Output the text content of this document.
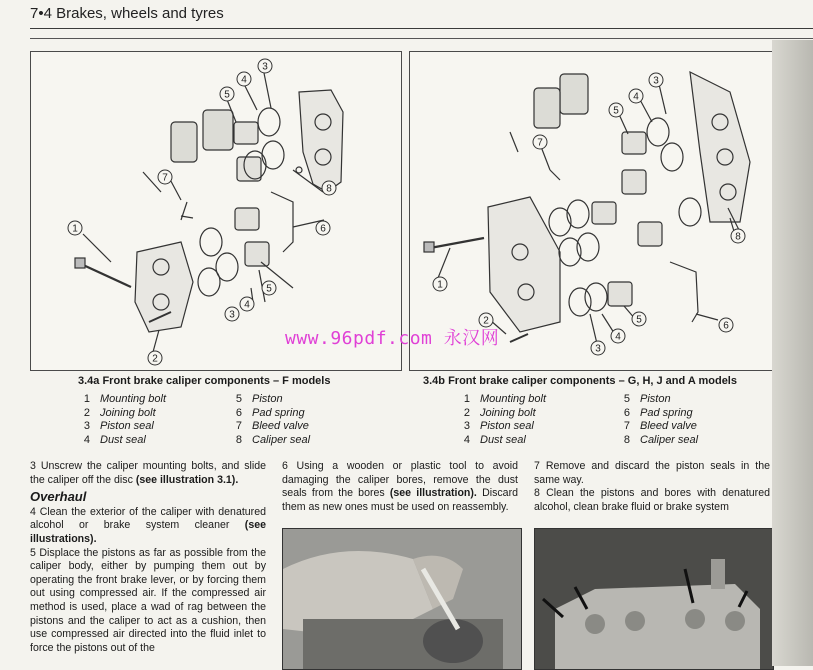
7•4 Brakes, wheels and tyres
1
2
3
3
4
4
5
5
6
7
8
1
2
3
3
4
4
5
5
6
7
8
www.96pdf.com 永汉网
3.4a Front brake caliper components – F models	3.4b Front brake caliper components – G, H, J and A models
1 Mounting bolt
2 Joining bolt
3 Piston seal
4 Dust seal
5 Piston
6 Pad spring
7 Bleed valve
8 Caliper seal
1 Mounting bolt
2 Joining bolt
3 Piston seal
4 Dust seal
5 Piston
6 Pad spring
7 Bleed valve
8 Caliper seal
3 Unscrew the caliper mounting bolts, and slide the caliper off the disc (see illustration 3.1).
Overhaul
4 Clean the exterior of the caliper with denatured alcohol or brake system cleaner (see illustrations).
5 Displace the pistons as far as possible from the caliper body, either by pumping them out by operating the front brake lever, or by forcing them out using compressed air. If the compressed air method is used, place a wad of rag between the pistons and the caliper to act as a cushion, then use compressed air directed into the fluid inlet to force the pistons out of the
6 Using a wooden or plastic tool to avoid damaging the caliper bores, remove the dust seals from the bores (see illustration). Discard them as new ones must be used on reassembly.
7 Remove and discard the piston seals in the same way.
8 Clean the pistons and bores with denatured alcohol, clean brake fluid or brake system
